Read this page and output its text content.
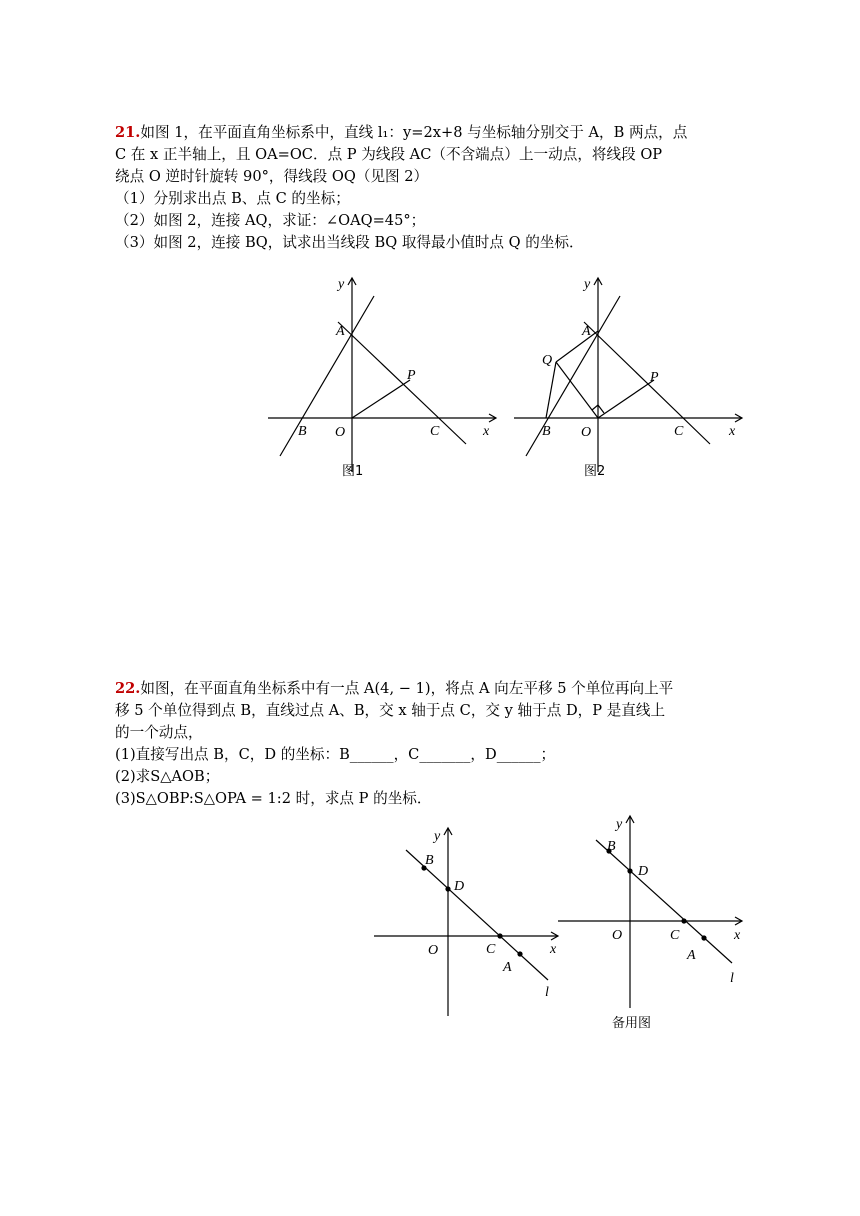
21.如图 1，在平面直角坐标系中，直线 l₁：y=2x+8 与坐标轴分别交于 A，B 两点，点

C 在 x 正半轴上，且 OA=OC．点 P 为线段 AC（不含端点）上一动点，将线段 OP

绕点 O 逆时针旋转 90°，得线段 OQ（见图 2）

（1）分别求出点 B、点 C 的坐标；

（2）如图 2，连接 AQ，求证：∠OAQ=45°；

（3）如图 2，连接 BQ，试求出当线段 BQ 取得最小值时点 Q 的坐标．

y
x
A
B O	C
P
图1
y
x
A
B O	C
P
Q
图2

22.如图，在平面直角坐标系中有一点 A(4, − 1)，将点 A 向左平移 5 个单位再向上平

移 5 个单位得到点 B，直线过点 A、B，交 x 轴于点 C，交 y 轴于点 D，P 是直线上

的一个动点，

(1)直接写出点 B，C，D 的坐标：B______，C_______，D______；

(2)求S△AOB；

(3)S△OBP:S△OPA = 1:2 时，求点 P 的坐标．

y
x
B
D
O	C
A
l
y
x
B
D
O	C
A
l
备用图
